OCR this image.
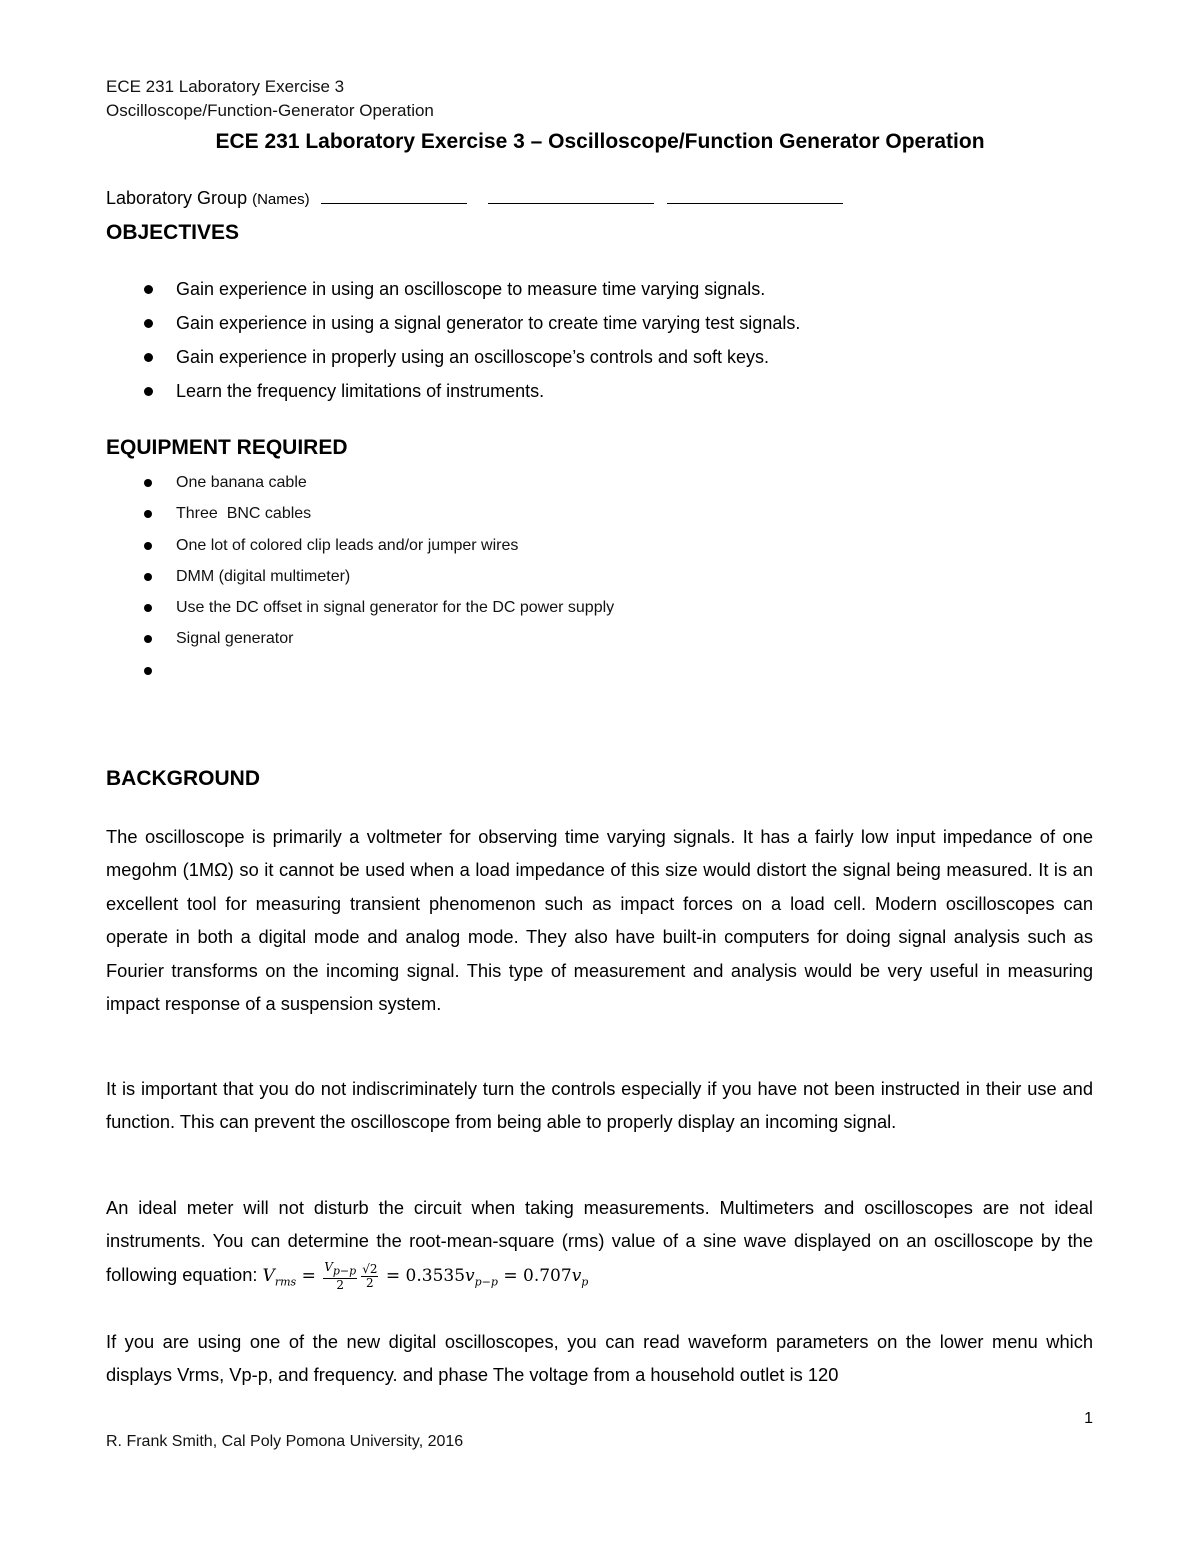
ECE 231 Laboratory Exercise 3
Oscilloscope/Function-Generator Operation
ECE 231 Laboratory Exercise 3 – Oscilloscope/Function Generator Operation
Laboratory Group (Names)
OBJECTIVES
Gain experience in using an oscilloscope to measure time varying signals.
Gain experience in using a signal generator to create time varying test signals.
Gain experience in properly using an oscilloscope’s controls and soft keys.
Learn the frequency limitations of instruments.
EQUIPMENT REQUIRED
One banana cable
Three  BNC cables
One lot of colored clip leads and/or jumper wires
DMM (digital multimeter)
Use the DC offset in signal generator for the DC power supply
Signal generator
BACKGROUND

The oscilloscope is primarily a voltmeter for observing time varying signals. It has a fairly low input impedance of one megohm (1MΩ) so it cannot be used when a load impedance of this size would distort the signal being measured. It is an excellent tool for measuring transient phenomenon such as impact forces on a load cell. Modern oscilloscopes can operate in both a digital mode and analog mode. They also have built-in computers for doing signal analysis such as Fourier transforms on the incoming signal. This type of measurement and analysis would be very useful in measuring impact response of a suspension system.

It is important that you do not indiscriminately turn the controls especially if you have not been instructed in their use and function. This can prevent the oscilloscope from being able to properly display an incoming signal.

An ideal meter will not disturb the circuit when taking measurements. Multimeters and oscilloscopes are not ideal instruments. You can determine the root-mean-square (rms) value of a sine wave displayed on an oscilloscope by the following equation: $V_{rms} = \frac{V_{p-p}}{2} \frac{√2}{2} = 0.3535v_{p-p} = 0.707v_p$

If you are using one of the new digital oscilloscopes, you can read waveform parameters on the lower menu which displays Vrms, Vp-p, and frequency. and phase The voltage from a household outlet is 120

1
R. Frank Smith, Cal Poly Pomona University, 2016
